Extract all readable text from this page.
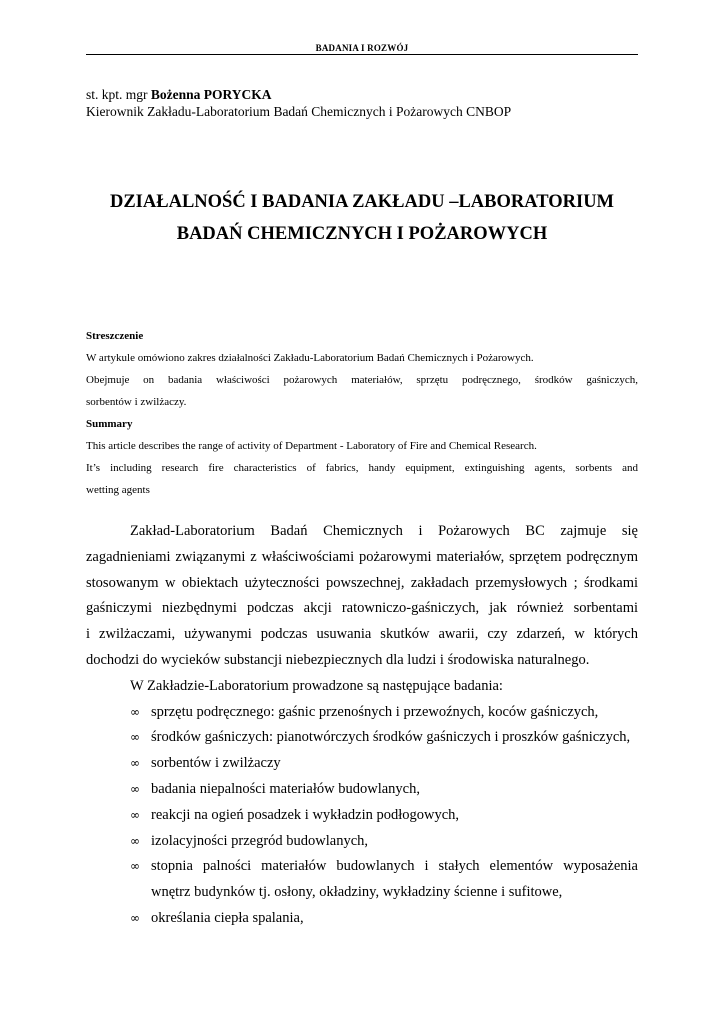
BADANIA I ROZWÓJ
st. kpt. mgr Bożenna PORYCKA
Kierownik Zakładu-Laboratorium Badań Chemicznych i Pożarowych CNBOP
DZIAŁALNOŚĆ I BADANIA ZAKŁADU –LABORATORIUM
BADAŃ CHEMICZNYCH I POŻAROWYCH
Streszczenie
W artykule omówiono zakres działalności Zakładu-Laboratorium Badań Chemicznych i Pożarowych.
Obejmuje on badania właściwości pożarowych materiałów, sprzętu podręcznego, środków gaśniczych,
sorbentów i zwilżaczy.
Summary
This article describes the range of activity of Department - Laboratory of Fire and Chemical Research.
It’s including research fire characteristics of fabrics, handy equipment, extinguishing agents, sorbents and
wetting agents
Zakład-Laboratorium Badań Chemicznych i Pożarowych BC zajmuje się
zagadnieniami związanymi z właściwościami pożarowymi materiałów, sprzętem podręcznym
stosowanym w obiektach użyteczności powszechnej, zakładach przemysłowych ; środkami
gaśniczymi niezbędnymi podczas akcji ratowniczo-gaśniczych, jak również sorbentami
i zwilżaczami, używanymi podczas usuwania skutków awarii, czy zdarzeń, w których
dochodzi do wycieków substancji niebezpiecznych dla ludzi i środowiska naturalnego.
W Zakładzie-Laboratorium prowadzone są następujące badania:
∞ sprzętu podręcznego: gaśnic przenośnych i przewoźnych, koców gaśniczych,
∞ środków gaśniczych: pianotwórczych środków gaśniczych i proszków gaśniczych,
∞ sorbentów i zwilżaczy
∞ badania niepalności materiałów budowlanych,
∞ reakcji na ogień posadzek i wykładzin podłogowych,
∞ izolacyjności przegród budowlanych,
∞ stopnia palności materiałów budowlanych i stałych elementów wyposażenia
wnętrz budynków tj. osłony, okładziny, wykładziny ścienne i sufitowe,
∞ określania ciepła spalania,
